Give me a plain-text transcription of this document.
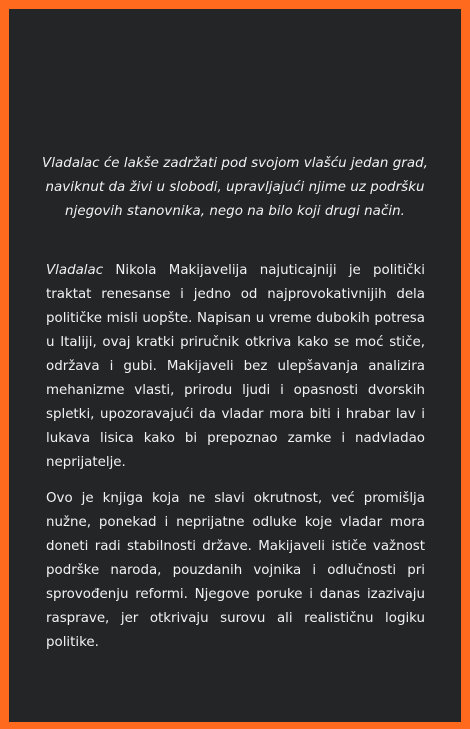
Vladalac će lakše zadržati pod svojom vlašću jedan grad,
naviknut da živi u slobodi, upravljajući njime uz podršku
njegovih stanovnika, nego na bilo koji drugi način.

Vladalac Nikola Makijavelija najuticajniji je politički traktat renesanse i jedno od najprovokativnijih dela političke misli uopšte. Napisan u vreme dubokih potresa u Italiji, ovaj kratki priručnik otkriva kako se moć stiče, održava i gubi. Makijaveli bez ulepšavanja analizira mehanizme vlasti, prirodu ljudi i opasnosti dvorskih spletki, upozoravajući da vladar mora biti i hrabar lav i lukava lisica kako bi prepoznao zamke i nadvladao neprijatelje.

Ovo je knjiga koja ne slavi okrutnost, već promišlja nužne, ponekad i neprijatne odluke koje vladar mora doneti radi stabilnosti države. Makijaveli ističe važnost podrške naroda, pouzdanih vojnika i odlučnosti pri sprovođenju reformi. Njegove poruke i danas izazivaju rasprave, jer otkrivaju surovu ali realističnu logiku politike.
